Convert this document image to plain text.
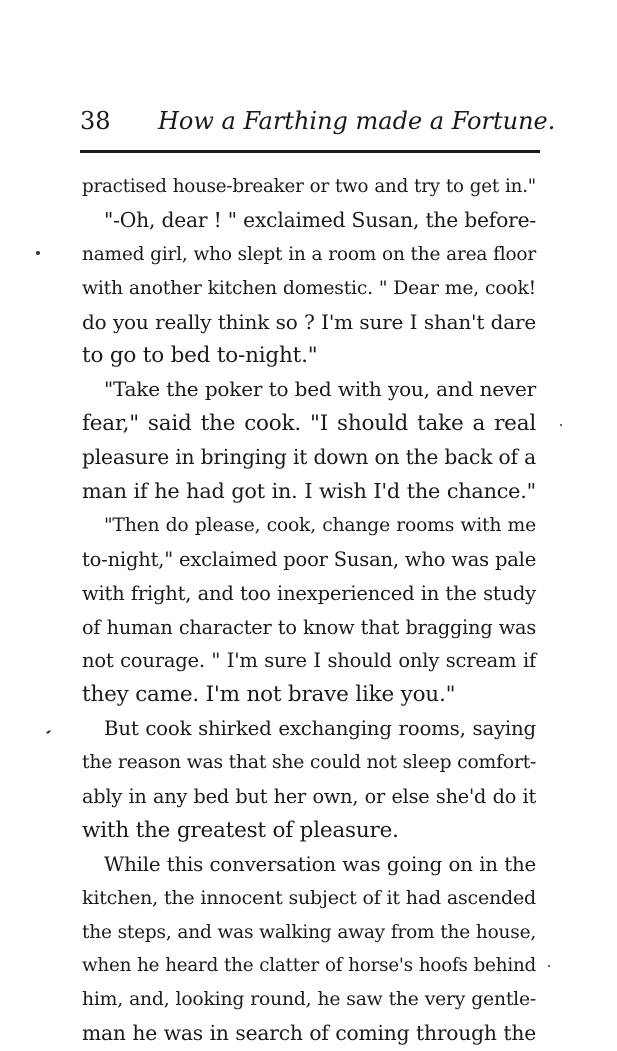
38 How a Farthing made a Fortune.
practised house-breaker or two and try to get in."
"-Oh, dear ! " exclaimed Susan, the before-
named girl, who slept in a room on the area floor
with another kitchen domestic. " Dear me, cook!
do you really think so ? I'm sure I shan't dare
to go to bed to-night."
"Take the poker to bed with you, and never
fear," said the cook. "I should take a real
pleasure in bringing it down on the back of a
man if he had got in. I wish I'd the chance."
"Then do please, cook, change rooms with me
to-night," exclaimed poor Susan, who was pale
with fright, and too inexperienced in the study
of human character to know that bragging was
not courage. " I'm sure I should only scream if
they came. I'm not brave like you."
But cook shirked exchanging rooms, saying
the reason was that she could not sleep comfort-
ably in any bed but her own, or else she'd do it
with the greatest of pleasure.
While this conversation was going on in the
kitchen, the innocent subject of it had ascended
the steps, and was walking away from the house,
when he heard the clatter of horse's hoofs behind
him, and, looking round, he saw the very gentle-
man he was in search of coming through the
